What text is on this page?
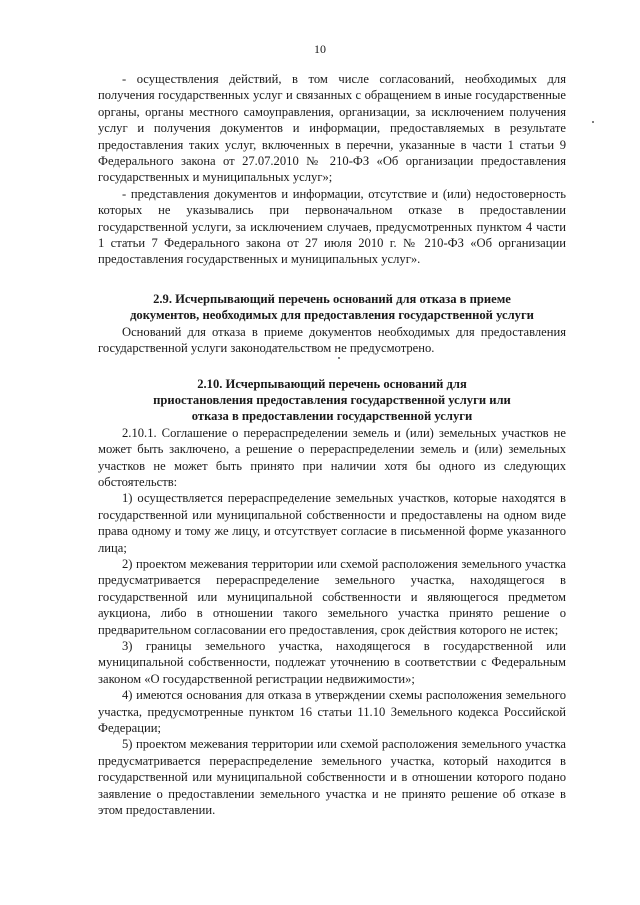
10

- осуществления действий, в том числе согласований, необходимых для получения государственных услуг и связанных с обращением в иные государственные органы, органы местного самоуправления, организации, за исключением получения услуг и получения документов и информации, предоставляемых в результате предоставления таких услуг, включенных в перечни, указанные в части 1 статьи 9 Федерального закона от 27.07.2010 № 210-ФЗ «Об организации предоставления государственных и муниципальных услуг»;

- представления документов и информации, отсутствие и (или) недостоверность которых не указывались при первоначальном отказе в предоставлении государственной услуги, за исключением случаев, предусмотренных пунктом 4 части 1 статьи 7 Федерального закона от 27 июля 2010 г. № 210-ФЗ «Об организации предоставления государственных и муниципальных услуг».

2.9. Исчерпывающий перечень оснований для отказа в приеме

документов, необходимых для предоставления государственной услуги

Оснований для отказа в приеме документов необходимых для предоставления государственной услуги законодательством не предусмотрено.

2.10. Исчерпывающий перечень оснований для

приостановления предоставления государственной услуги или

отказа в предоставлении государственной услуги

2.10.1. Соглашение о перераспределении земель и (или) земельных участков не может быть заключено, а решение о перераспределении земель и (или) земельных участков не может быть принято при наличии хотя бы одного из следующих обстоятельств:

1) осуществляется перераспределение земельных участков, которые находятся в государственной или муниципальной собственности и предоставлены на одном виде права одному и тому же лицу, и отсутствует согласие в письменной форме указанного лица;

2) проектом межевания территории или схемой расположения земельного участка предусматривается перераспределение земельного участка, находящегося в государственной или муниципальной собственности и являющегося предметом аукциона, либо в отношении такого земельного участка принято решение о предварительном согласовании его предоставления, срок действия которого не истек;

3) границы земельного участка, находящегося в государственной или муниципальной собственности, подлежат уточнению в соответствии с Федеральным законом «О государственной регистрации недвижимости»;

4) имеются основания для отказа в утверждении схемы расположения земельного участка, предусмотренные пунктом 16 статьи 11.10 Земельного кодекса Российской Федерации;

5) проектом межевания территории или схемой расположения земельного участка предусматривается перераспределение земельного участка, который находится в государственной или муниципальной собственности и в отношении которого подано заявление о предоставлении земельного участка и не принято решение об отказе в этом предоставлении.
